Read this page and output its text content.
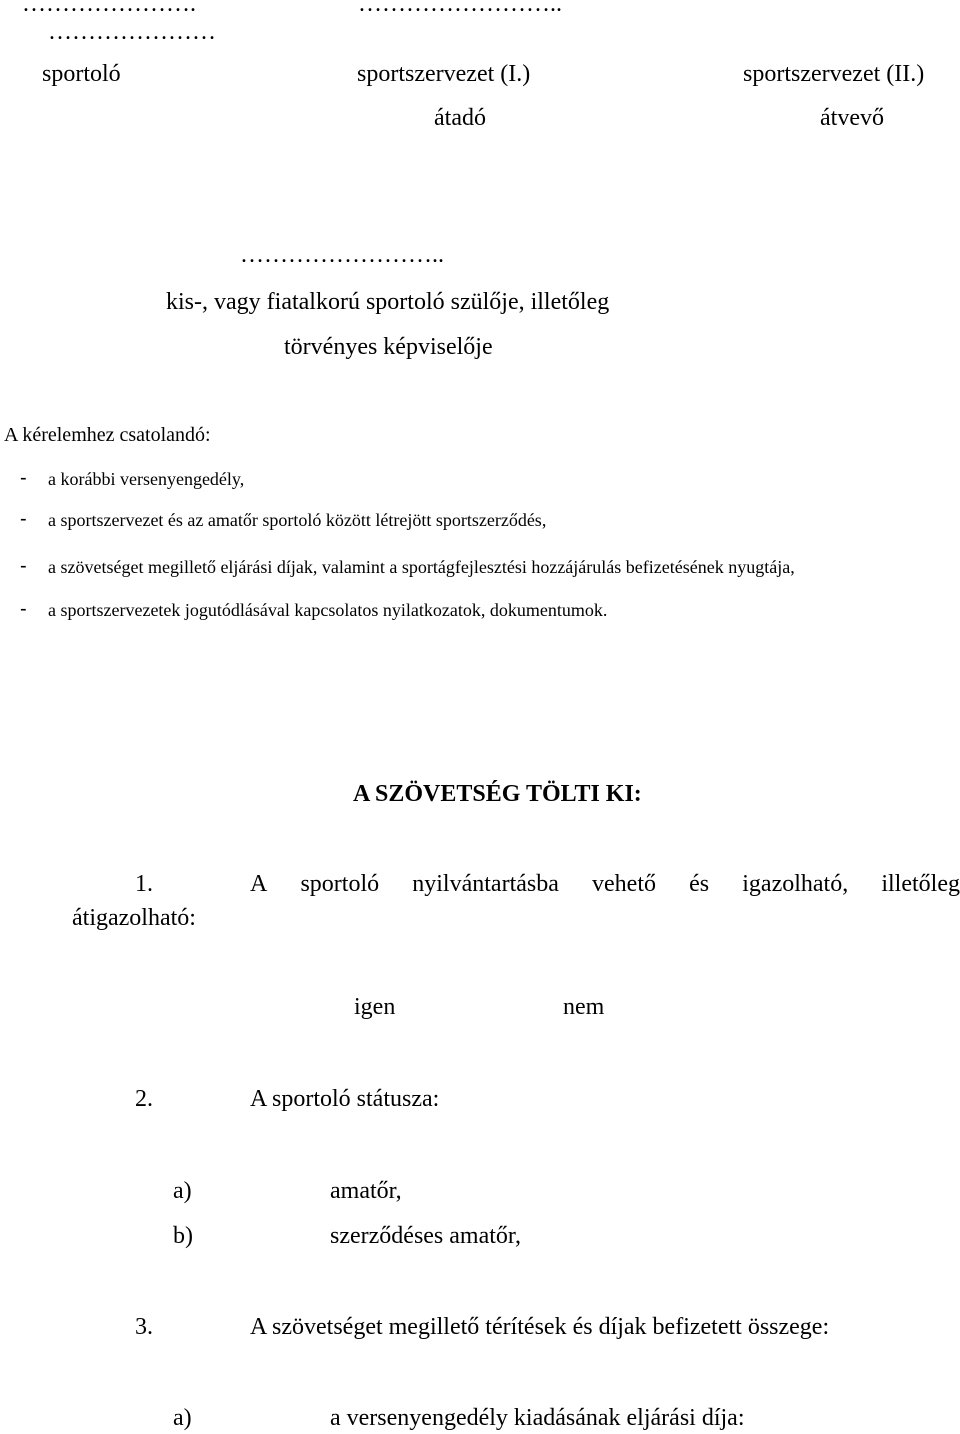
………………….	……………………..
…………………
sportoló	sportszervezet (I.)	sportszervezet (II.)
átadó	átvevő
……………………..
kis-, vagy fiatalkorú sportoló szülője, illetőleg
törvényes képviselője
A kérelemhez csatolandó:
- a korábbi versenyengedély,
- a sportszervezet és az amatőr sportoló között létrejött sportszerződés,
- a szövetséget megillető eljárási díjak, valamint a sportágfejlesztési hozzájárulás befizetésének nyugtája,
- a sportszervezetek jogutódlásával kapcsolatos nyilatkozatok, dokumentumok.
A SZÖVETSÉG TÖLTI KI:
1.	A sportoló nyilvántartásba vehető és igazolható, illetőleg
átigazolható:
igen	nem
2.	A sportoló státusza:
a)	amatőr,
b)	szerződéses amatőr,
3.	A szövetséget megillető térítések és díjak befizetett összege:
a)	a versenyengedély kiadásának eljárási díja:
